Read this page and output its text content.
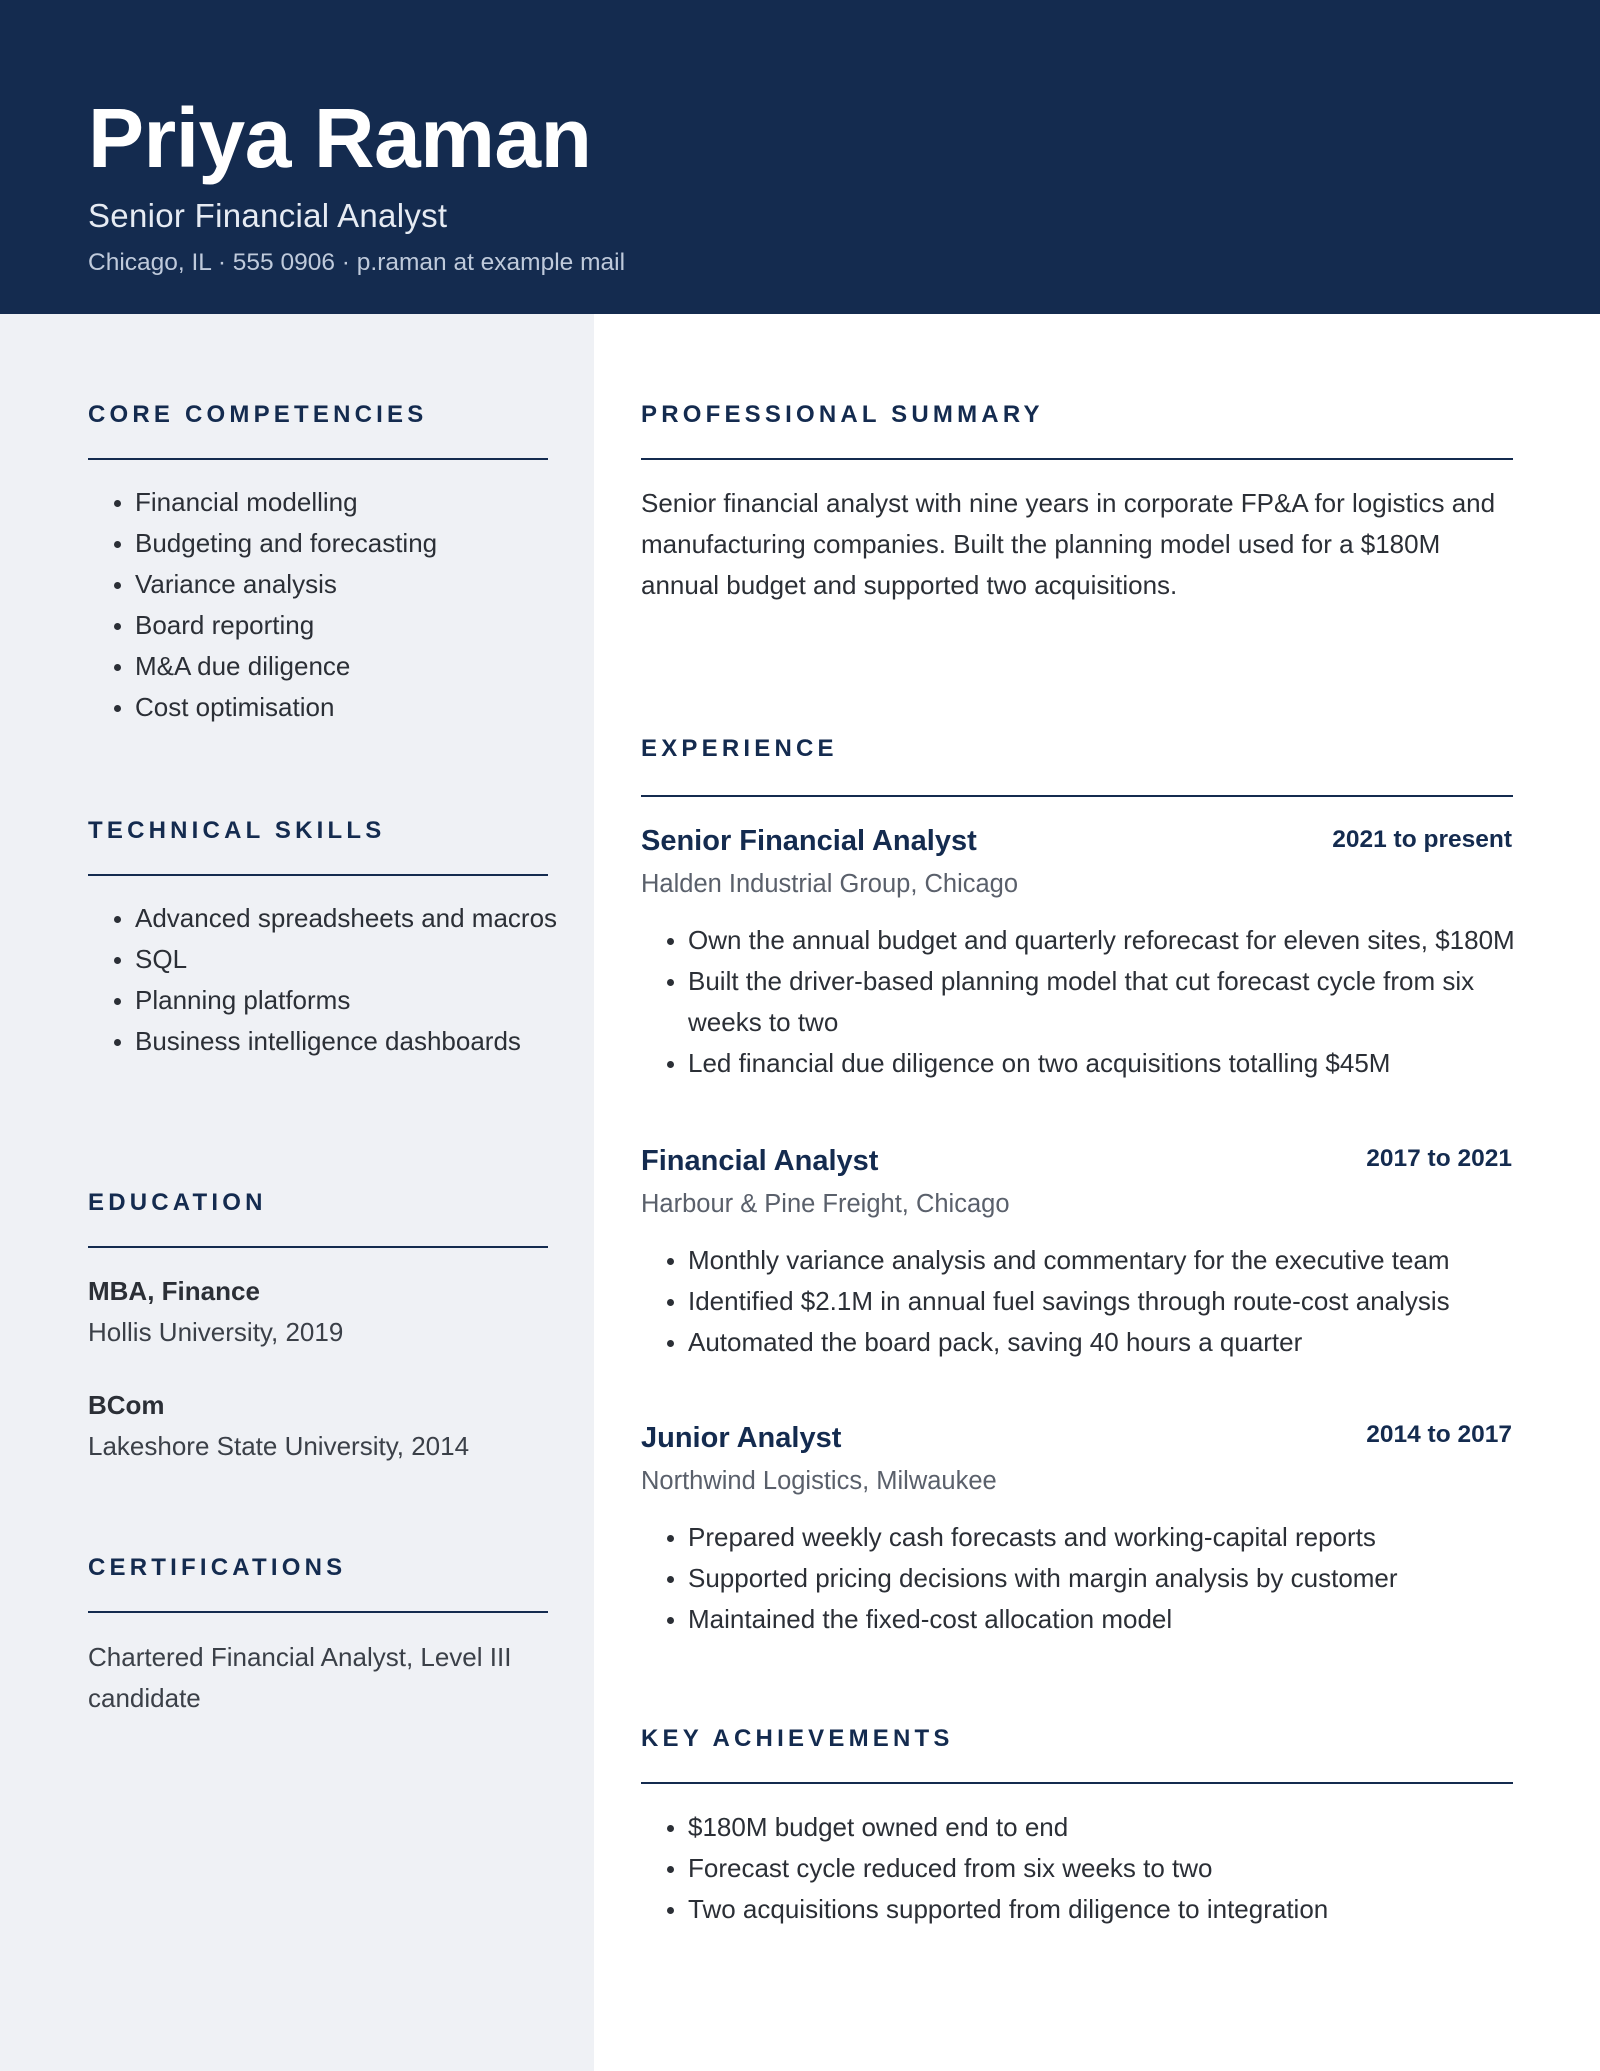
Priya Raman
Senior Financial Analyst
Chicago, IL · 555 0906 · p.raman at example mail
CORE COMPETENCIES
Financial modelling
Budgeting and forecasting
Variance analysis
Board reporting
M&A due diligence
Cost optimisation
TECHNICAL SKILLS
Advanced spreadsheets and macros
SQL
Planning platforms
Business intelligence dashboards
EDUCATION
MBA, Finance
Hollis University, 2019
BCom
Lakeshore State University, 2014
CERTIFICATIONS
Chartered Financial Analyst, Level III candidate
PROFESSIONAL SUMMARY
Senior financial analyst with nine years in corporate FP&A for logistics and manufacturing companies. Built the planning model used for a $180M annual budget and supported two acquisitions.
EXPERIENCE
Senior Financial Analyst	2021 to present
Halden Industrial Group, Chicago
Own the annual budget and quarterly reforecast for eleven sites, $180M
Built the driver-based planning model that cut forecast cycle from six weeks to two
Led financial due diligence on two acquisitions totalling $45M
Financial Analyst	2017 to 2021
Harbour & Pine Freight, Chicago
Monthly variance analysis and commentary for the executive team
Identified $2.1M in annual fuel savings through route-cost analysis
Automated the board pack, saving 40 hours a quarter
Junior Analyst	2014 to 2017
Northwind Logistics, Milwaukee
Prepared weekly cash forecasts and working-capital reports
Supported pricing decisions with margin analysis by customer
Maintained the fixed-cost allocation model
KEY ACHIEVEMENTS
$180M budget owned end to end
Forecast cycle reduced from six weeks to two
Two acquisitions supported from diligence to integration
